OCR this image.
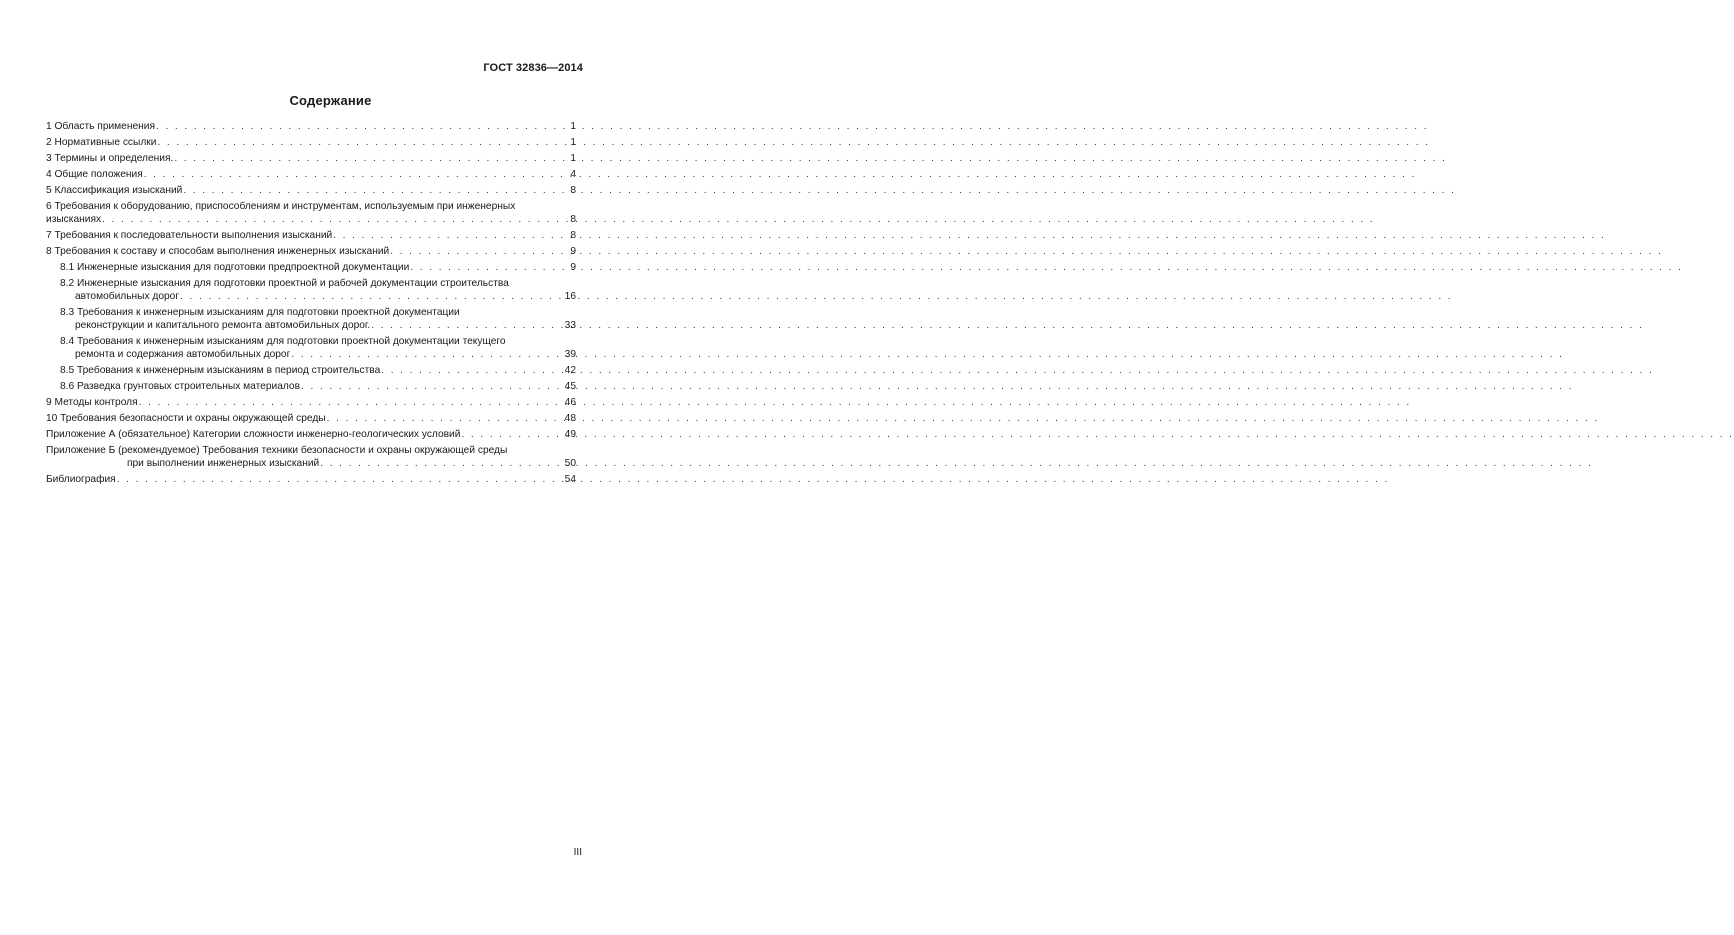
ГОСТ 32836—2014
Содержание
1 Область применения . . .	1
2 Нормативные ссылки . . .	1
3 Термины и определения. . . .	1
4 Общие положения . . .	4
5 Классификация изысканий . . .	8
6 Требования к оборудованию, приспособлениям и инструментам, используемым при инженерных
изысканиях . . .	8
7 Требования к последовательности выполнения изысканий . . .	8
8 Требования к составу и способам выполнения инженерных изысканий . . .	9
8.1 Инженерные изыскания для подготовки предпроектной документации . . .	9
8.2 Инженерные изыскания для подготовки проектной и рабочей документации строительства
автомобильных дорог . . .	16
8.3 Требования к инженерным изысканиям для подготовки проектной документации
реконструкции и капитального ремонта автомобильных дорог. . . .	33
8.4 Требования к инженерным изысканиям для подготовки проектной документации текущего
ремонта и содержания автомобильных дорог . . .	39
8.5 Требования к инженерным изысканиям в период строительства . . .	42
8.6 Разведка грунтовых строительных материалов . . .	45
9 Методы контроля . . .	46
10 Требования безопасности и охраны окружающей среды . . .	48
Приложение А (обязательное) Категории сложности инженерно-геологических условий . . .	49
Приложение Б (рекомендуемое) Требования техники безопасности и охраны окружающей среды
при выполнении инженерных изысканий . . .	50
Библиография . . .	54
III
